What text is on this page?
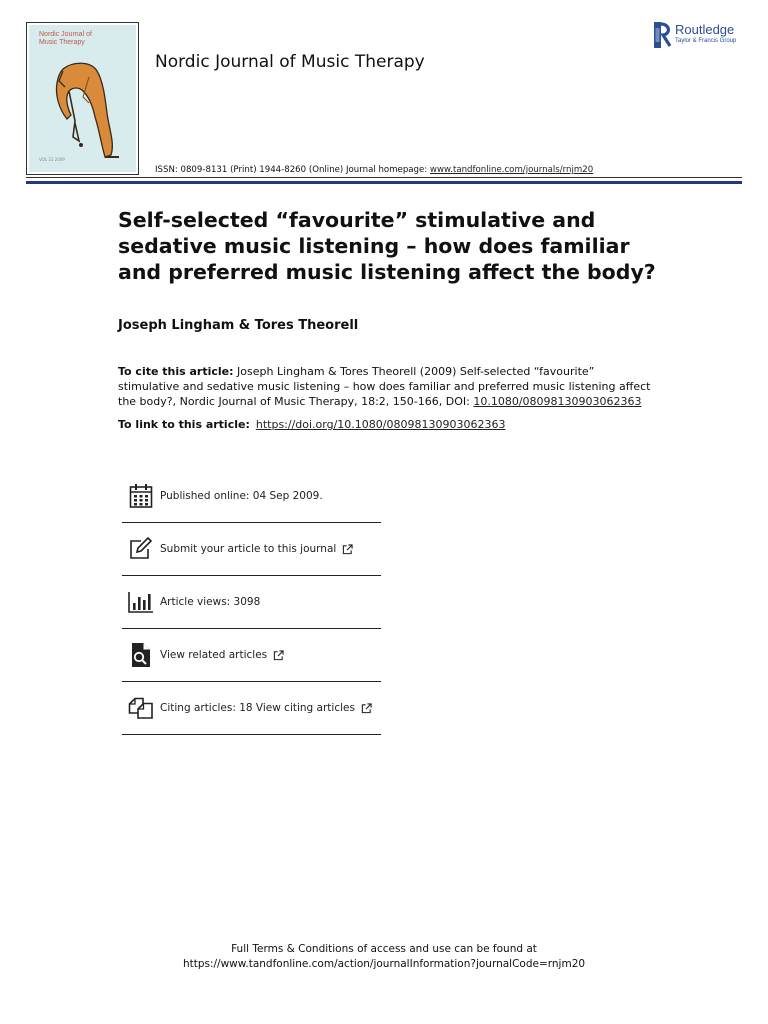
Nordic Journal of
Music Therapy
VOL 21 2009
Nordic Journal of Music Therapy
Routledge
Taylor & Francis Group
ISSN: 0809-8131 (Print) 1944-8260 (Online) Journal homepage: www.tandfonline.com/journals/rnjm20
Self-selected “favourite” stimulative and sedative music listening – how does familiar and preferred music listening affect the body?
Joseph Lingham & Tores Theorell

To cite this article: Joseph Lingham & Tores Theorell (2009) Self-selected “favourite” stimulative and sedative music listening – how does familiar and preferred music listening affect the body?, Nordic Journal of Music Therapy, 18:2, 150-166, DOI: 10.1080/08098130903062363

To link to this article: https://doi.org/10.1080/08098130903062363
Published online: 04 Sep 2009.
Submit your article to this journal
Article views: 3098
View related articles
Citing articles: 18 View citing articles
Full Terms & Conditions of access and use can be found at
https://www.tandfonline.com/action/journalInformation?journalCode=rnjm20
